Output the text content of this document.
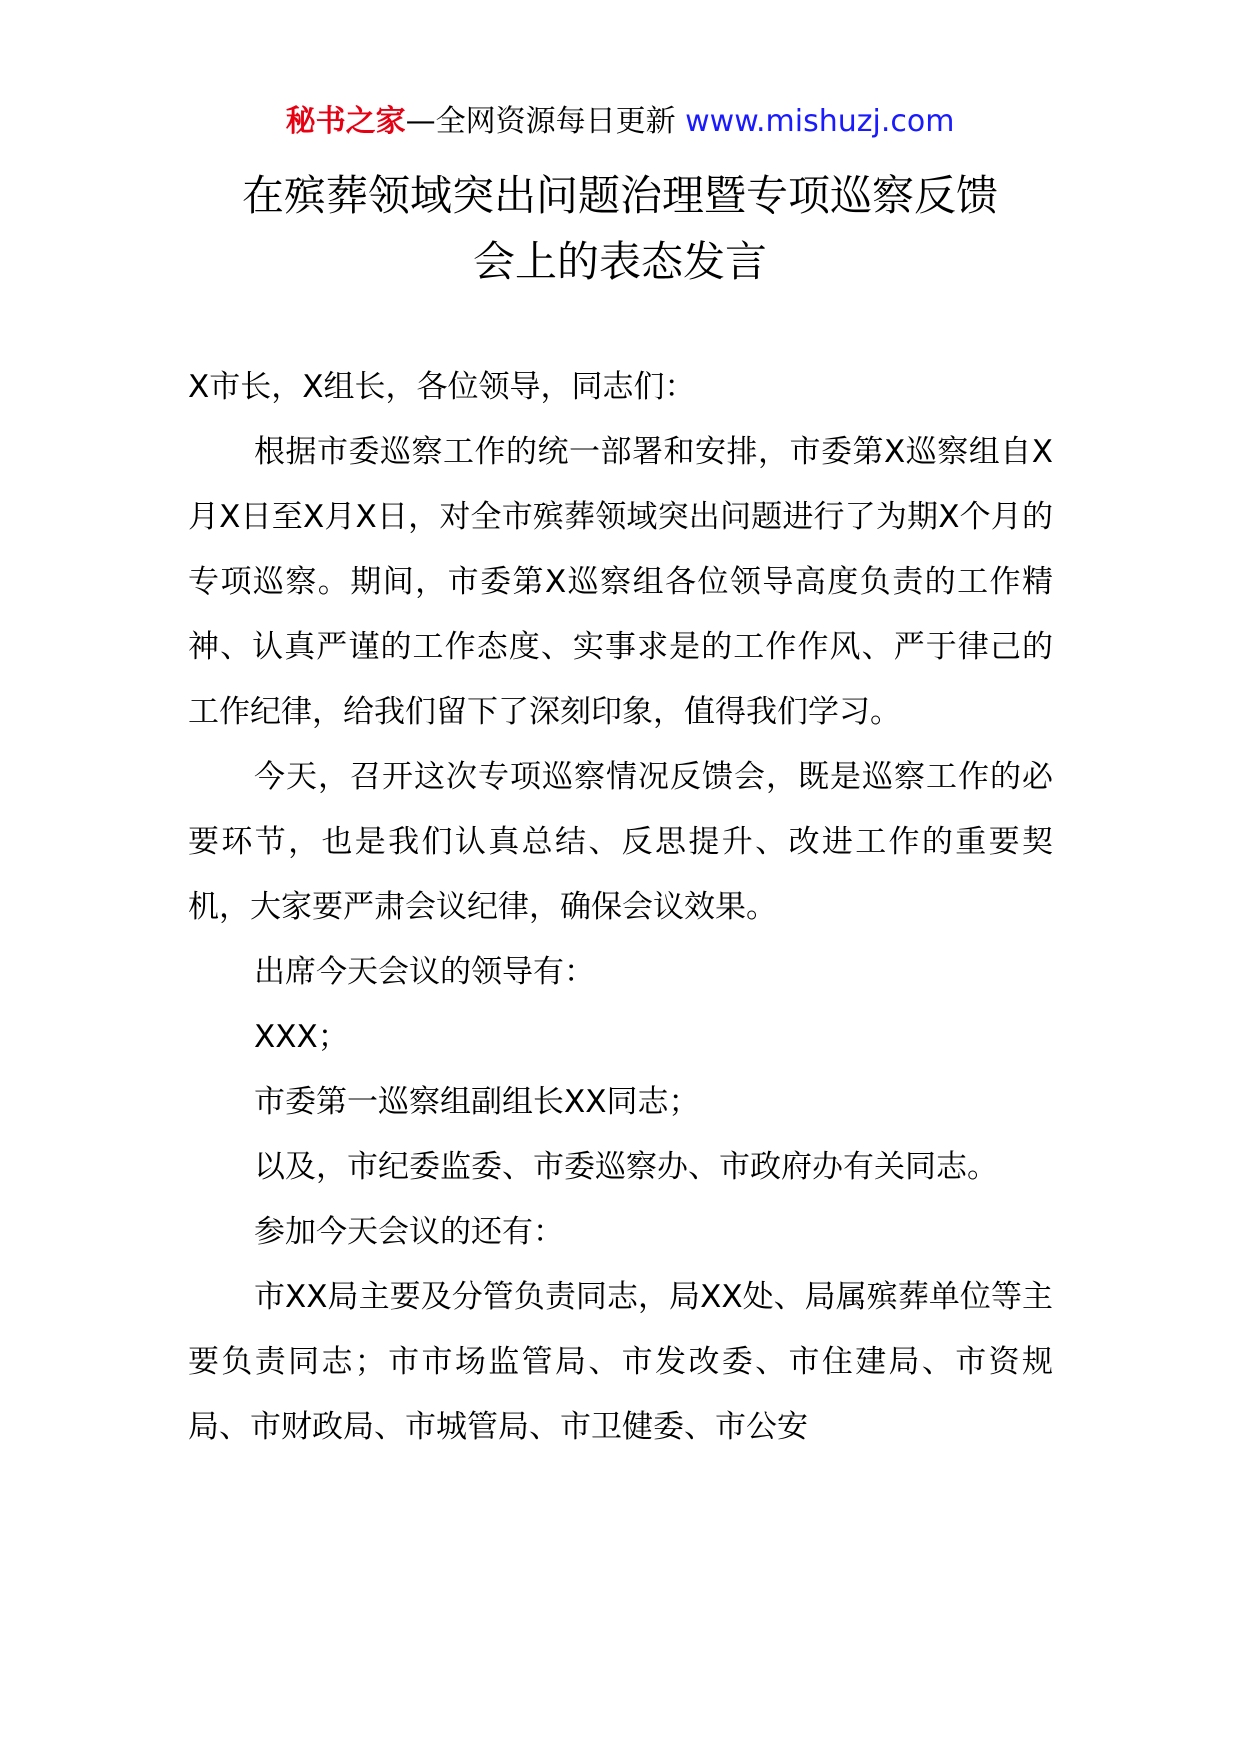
秘书之家—全网资源每日更新 www.mishuzj.com
在殡葬领域突出问题治理暨专项巡察反馈
会上的表态发言

X市长，X组长，各位领导，同志们：

根据市委巡察工作的统一部署和安排，市委第X巡察组自X月X日至X月X日，对全市殡葬领域突出问题进行了为期X个月的专项巡察。期间，市委第X巡察组各位领导高度负责的工作精神、认真严谨的工作态度、实事求是的工作作风、严于律己的工作纪律，给我们留下了深刻印象，值得我们学习。

今天，召开这次专项巡察情况反馈会，既是巡察工作的必要环节，也是我们认真总结、反思提升、改进工作的重要契机，大家要严肃会议纪律，确保会议效果。

出席今天会议的领导有：

XXX；

市委第一巡察组副组长XX同志；

以及，市纪委监委、市委巡察办、市政府办有关同志。

参加今天会议的还有：

市XX局主要及分管负责同志，局XX处、局属殡葬单位等主要负责同志；市市场监管局、市发改委、市住建局、市资规局、市财政局、市城管局、市卫健委、市公安
